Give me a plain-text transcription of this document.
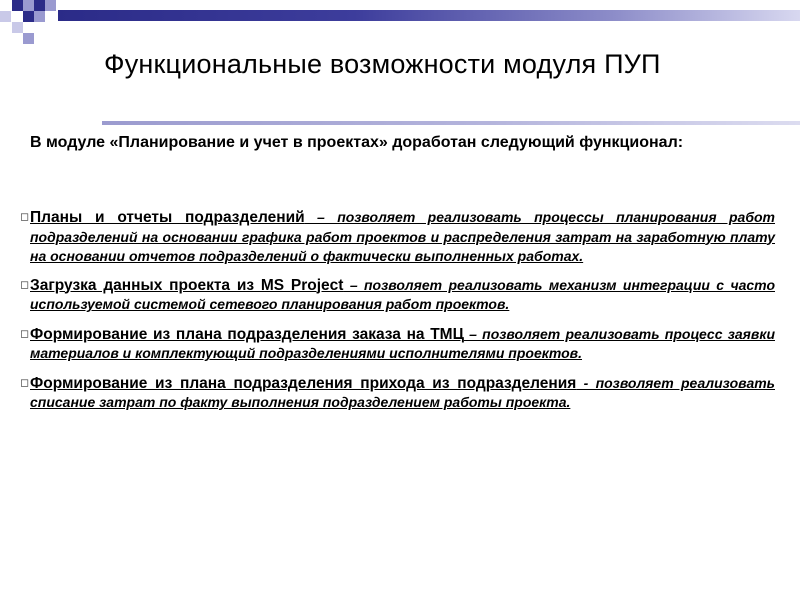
Функциональные возможности модуля ПУП
В модуле «Планирование и учет в проектах» доработан следующий функционал:
◻ Планы и отчеты подразделений – позволяет реализовать процессы планирования работ подразделений на основании графика работ проектов и распределения затрат на заработную плату на основании отчетов подразделений о фактически выполненных работах.
◻ Загрузка данных проекта из MS Project – позволяет реализовать механизм интеграции с часто используемой системой сетевого планирования работ проектов.
◻ Формирование из плана подразделения заказа на ТМЦ – позволяет реализовать процесс заявки материалов и комплектующий подразделениями исполнителями проектов.
◻ Формирование из плана подразделения прихода из подразделения - позволяет реализовать списание затрат по факту выполнения подразделением работы проекта.
